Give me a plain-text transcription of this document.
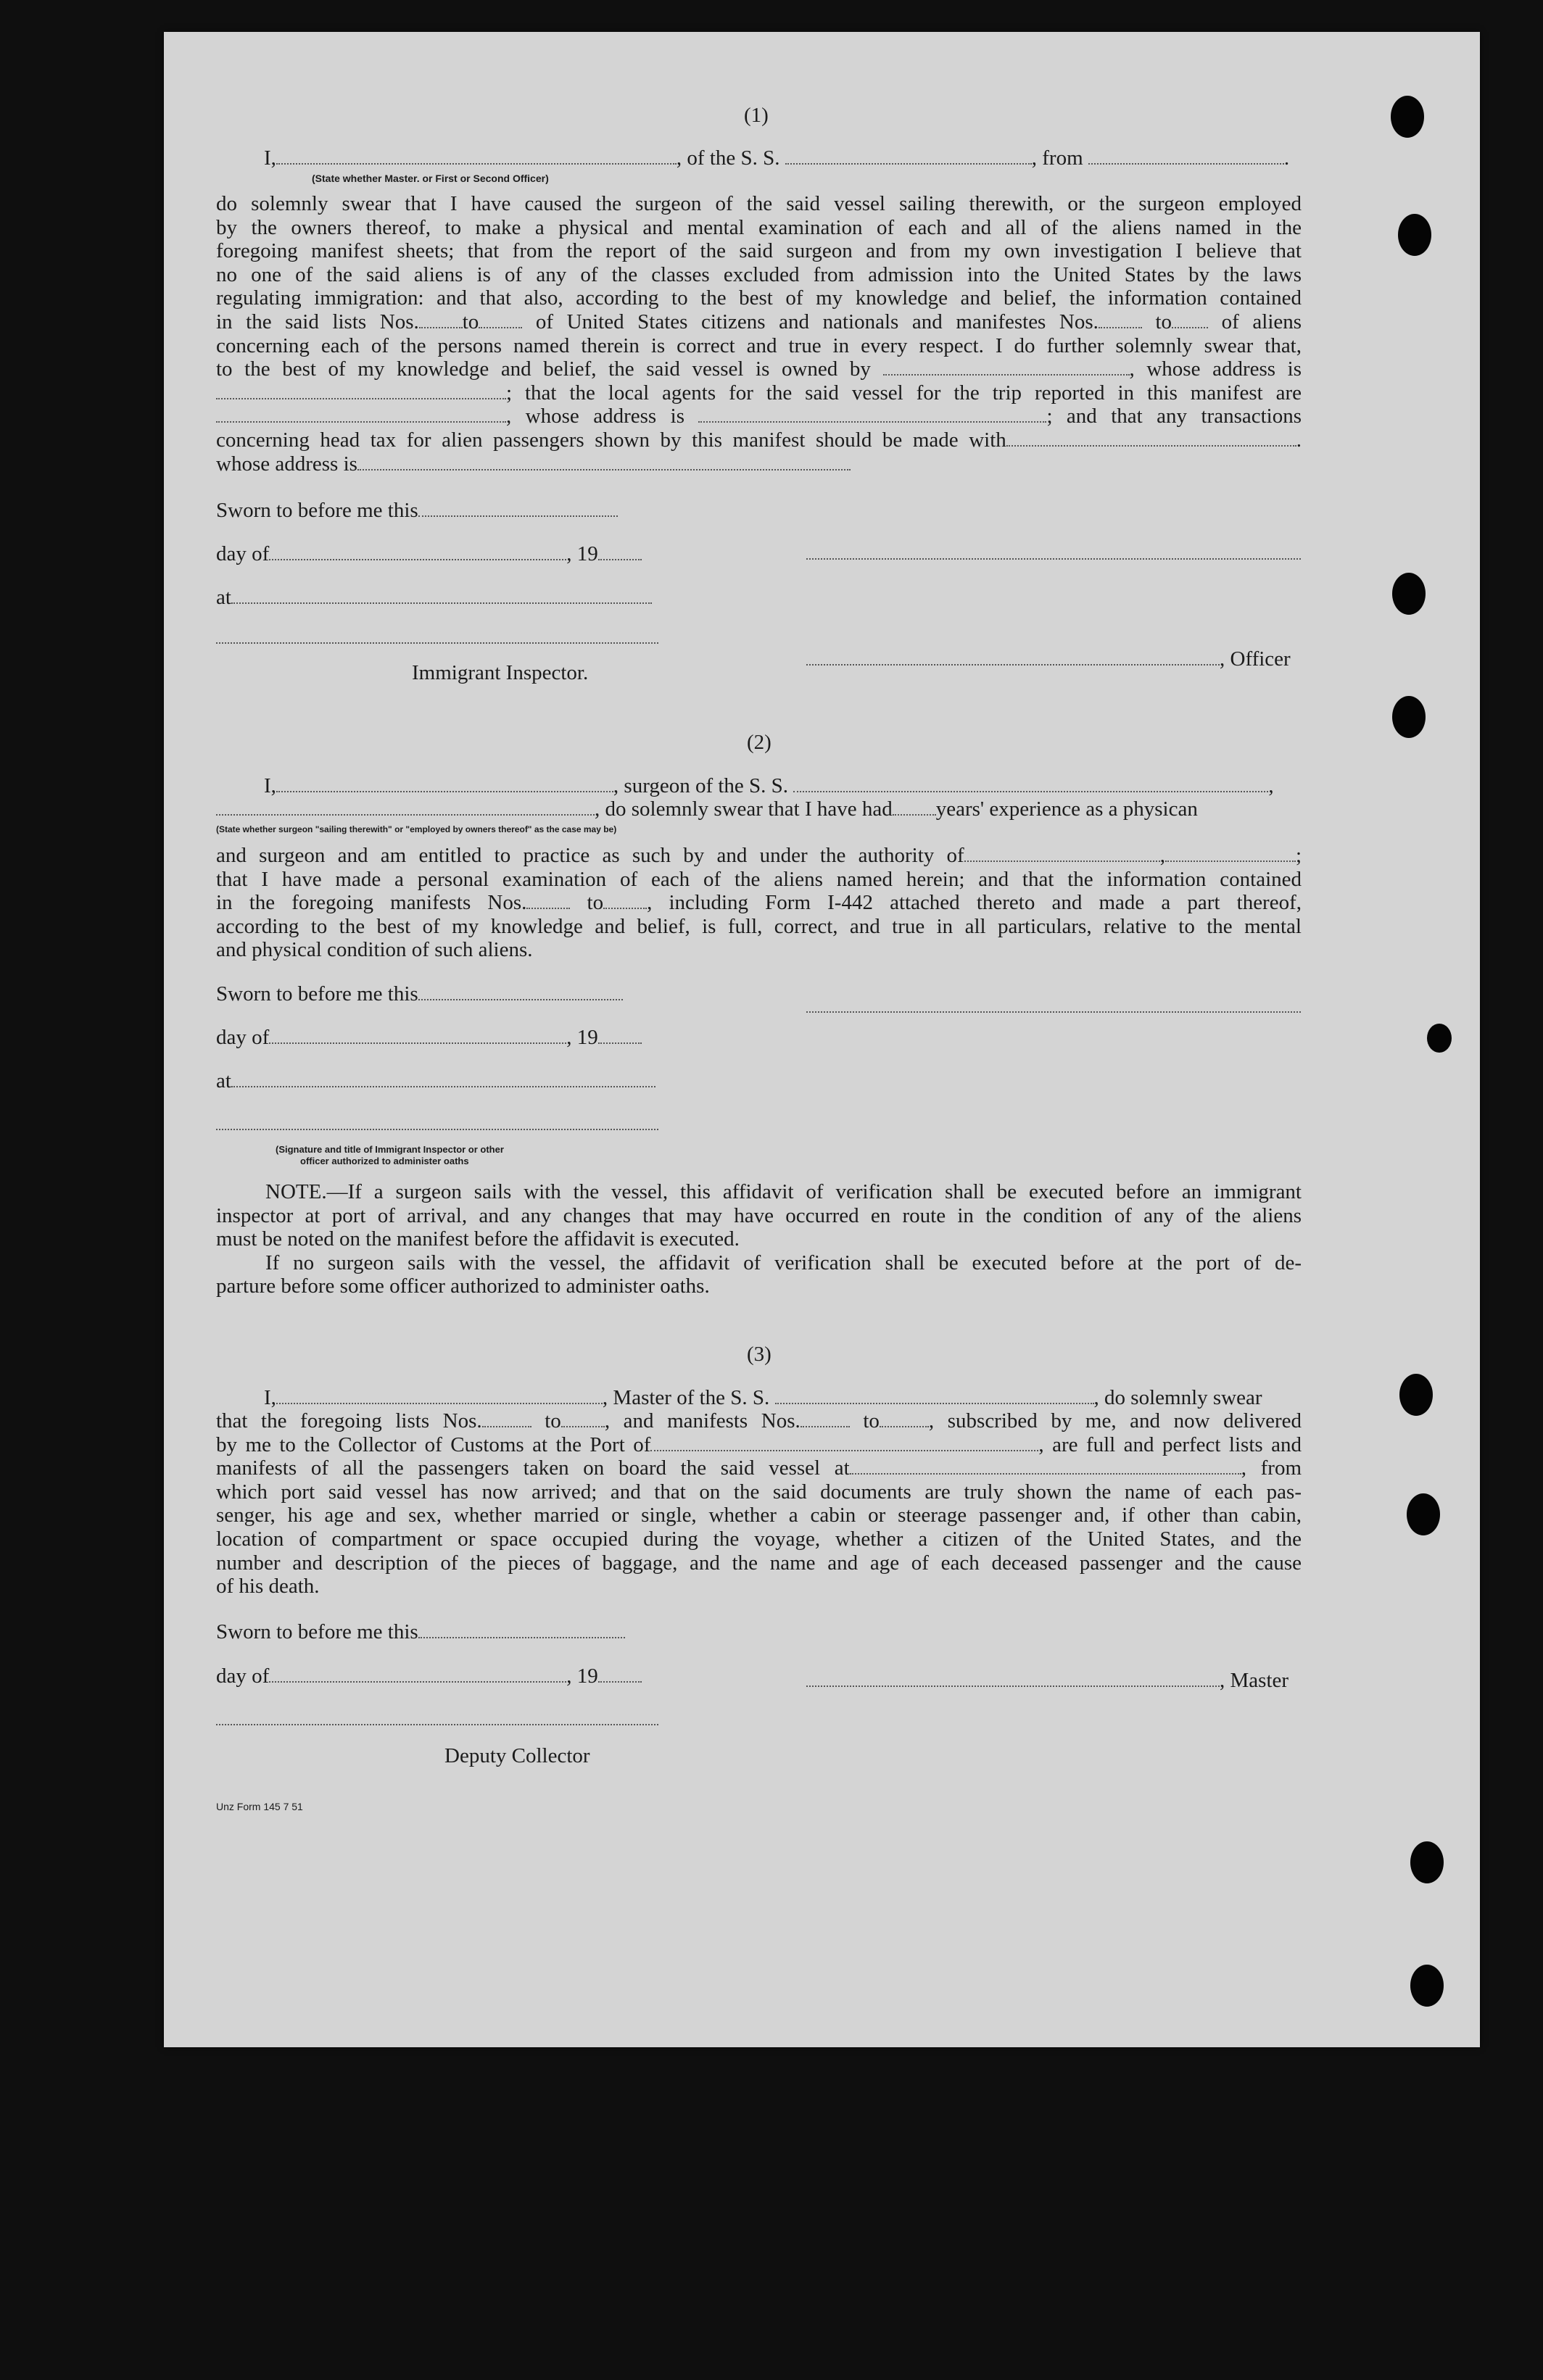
(1)
I,	, of the S. S.	, from	.
(State whether Master. or First or Second Officer)
do solemnly swear that I have caused the surgeon of the said vessel sailing therewith, or the surgeon employed
by the owners thereof, to make a physical and mental examination of each and all of the aliens named in the
foregoing manifest sheets; that from the report of the said surgeon and from my own investigation I believe that
no one of the said aliens is of any of the classes excluded from admission into the United States by the laws
regulating immigration: and that also, according to the best of my knowledge and belief, the information contained
in the said lists Nos. to	of United States citizens and nationals and manifestes Nos.	to of aliens
concerning each of the persons named therein is correct and true in every respect. I do further solemnly swear that,
to the best of my knowledge and belief, the said vessel is owned by	, whose address is
; that the local agents for the said vessel for the trip reported in this manifest are
, whose address is	; and that any transactions
concerning head tax for alien passengers shown by this manifest should be made with	.
whose address is
Sworn to before me this
day of	, 19
at
, Officer
Immigrant Inspector.
(2)
I,	, surgeon of the S. S.	,
, do solemnly swear that I have had years' experience as a physican
(State whether surgeon "sailing therewith" or "employed by owners thereof" as the case may be)
and surgeon and am entitled to practice as such by and under the authority of	,	;
that I have made a personal examination of each of the aliens named herein; and that the information contained
in the foregoing manifests Nos.	to , including Form I-442 attached thereto and made a part thereof,
according to the best of my knowledge and belief, is full, correct, and true in all particulars, relative to the mental
and physical condition of such aliens.
Sworn to before me this
day of	, 19
at
(Signature and title of Immigrant Inspector or other
officer authorized to administer oaths
NOTE.—If a surgeon sails with the vessel, this affidavit of verification shall be executed before an immigrant
inspector at port of arrival, and any changes that may have occurred en route in the condition of any of the aliens
must be noted on the manifest before the affidavit is executed.
If no surgeon sails with the vessel, the affidavit of verification shall be executed before at the port of de-
parture before some officer authorized to administer oaths.
(3)
I,	, Master of the S. S.	, do solemnly swear
that the foregoing lists Nos.	to , and manifests Nos.	to , subscribed by me, and now delivered
by me to the Collector of Customs at the Port of	, are full and perfect lists and
manifests of all the passengers taken on board the said vessel at	, from
which port said vessel has now arrived; and that on the said documents are truly shown the name of each pas-
senger, his age and sex, whether married or single, whether a cabin or steerage passenger and, if other than cabin,
location of compartment or space occupied during the voyage, whether a citizen of the United States, and the
number and description of the pieces of baggage, and the name and age of each deceased passenger and the cause
of his death.
Sworn to before me this
day of	, 19	, Master
Deputy Collector
Unz Form 145 7 51
